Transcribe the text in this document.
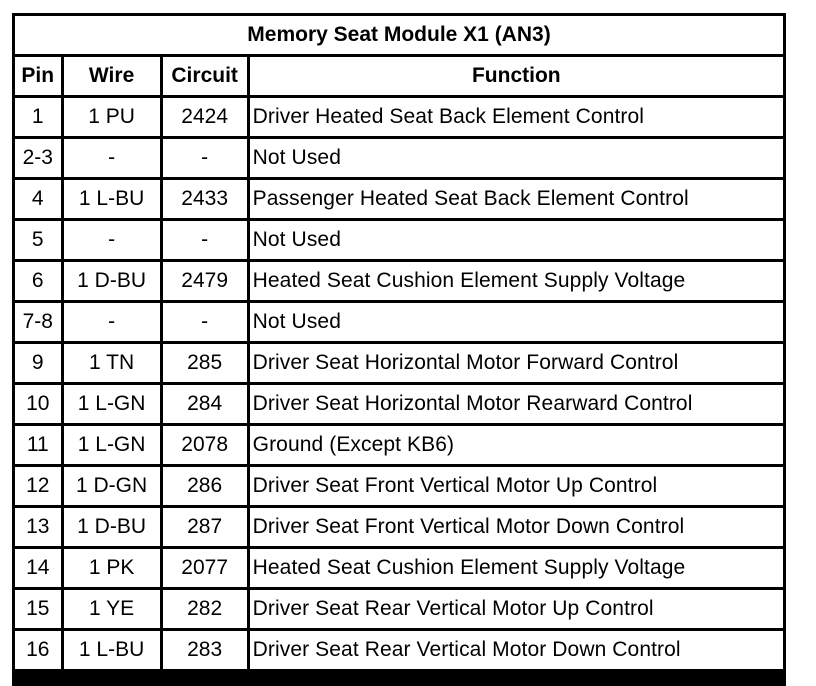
Memory Seat Module X1 (AN3)			
Pin	Wire	Circuit	Function
1	1 PU	2424	Driver Heated Seat Back Element Control
2-3	-	-	Not Used
4	1 L-BU	2433	Passenger Heated Seat Back Element Control
5	-	-	Not Used
6	1 D-BU	2479	Heated Seat Cushion Element Supply Voltage
7-8	-	-	Not Used
9	1 TN	285	Driver Seat Horizontal Motor Forward Control
10	1 L-GN	284	Driver Seat Horizontal Motor Rearward Control
11	1 L-GN	2078	Ground (Except KB6)
12	1 D-GN	286	Driver Seat Front Vertical Motor Up Control
13	1 D-BU	287	Driver Seat Front Vertical Motor Down Control
14	1 PK	2077	Heated Seat Cushion Element Supply Voltage
15	1 YE	282	Driver Seat Rear Vertical Motor Up Control
16	1 L-BU	283	Driver Seat Rear Vertical Motor Down Control
